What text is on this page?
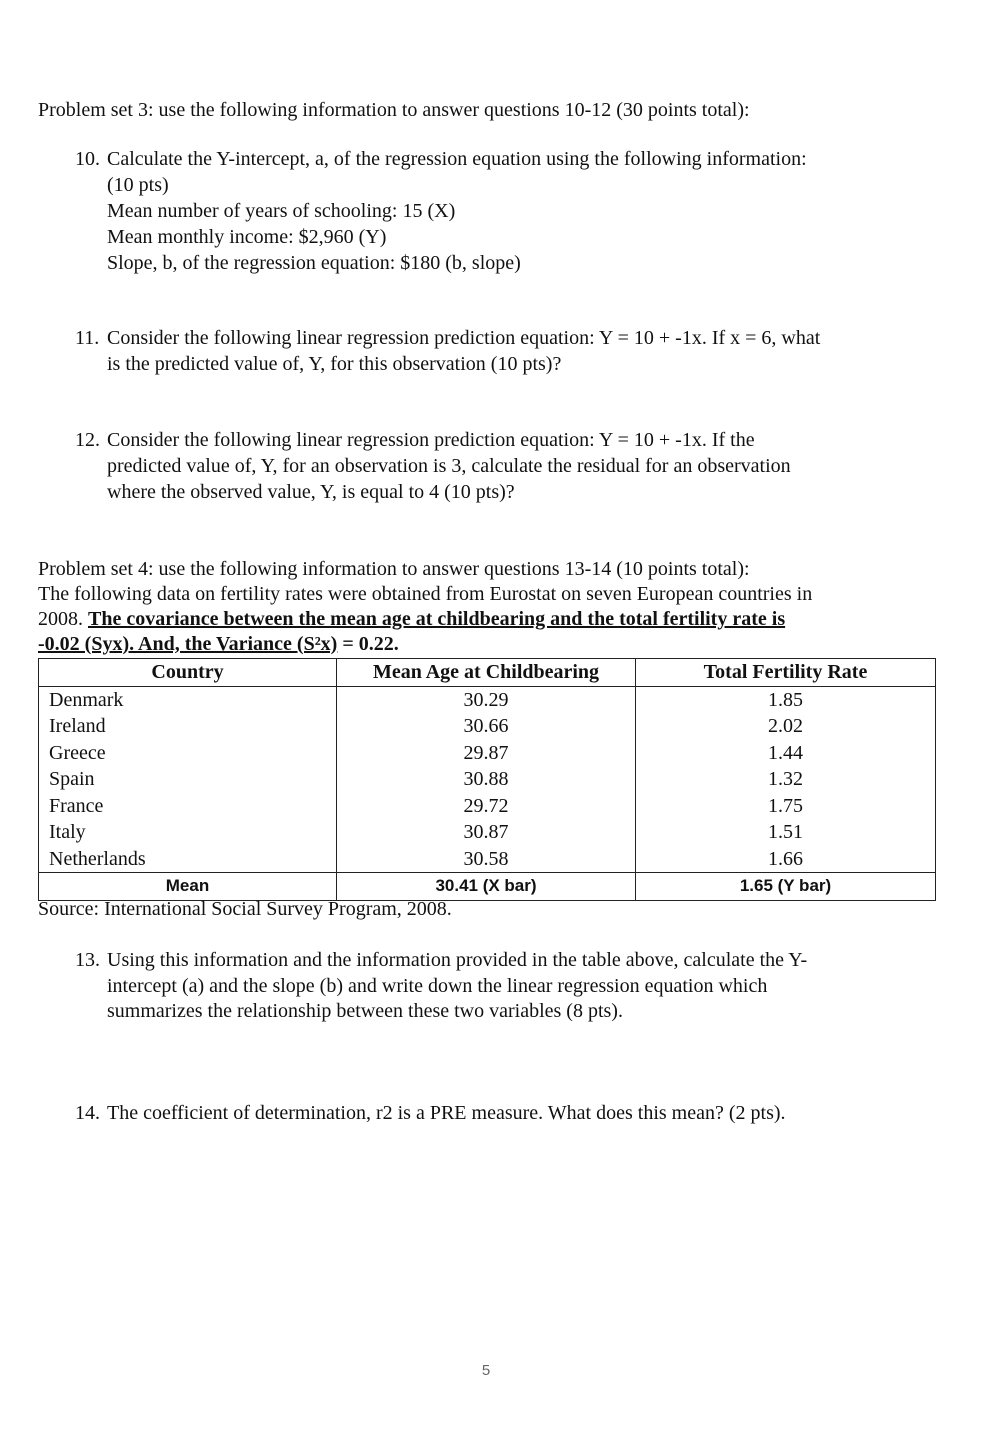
Problem set 3: use the following information to answer questions 10-12 (30 points total):
10. Calculate the Y-intercept, a, of the regression equation using the following information:
(10 pts)
Mean number of years of schooling: 15 (X)
Mean monthly income: $2,960 (Y)
Slope, b, of the regression equation: $180 (b, slope)
11. Consider the following linear regression prediction equation: Y = 10 + -1x. If x = 6, what
is the predicted value of, Y, for this observation (10 pts)?
12. Consider the following linear regression prediction equation: Y = 10 + -1x. If the
predicted value of, Y, for an observation is 3, calculate the residual for an observation
where the observed value, Y, is equal to 4 (10 pts)?
Problem set 4: use the following information to answer questions 13-14 (10 points total):
The following data on fertility rates were obtained from Eurostat on seven European countries in
2008. The covariance between the mean age at childbearing and the total fertility rate is
-0.02 (Syx). And, the Variance (S²x) = 0.22.
Country	Mean Age at Childbearing	Total Fertility Rate
Denmark	30.29	1.85
Ireland	30.66	2.02
Greece	29.87	1.44
Spain	30.88	1.32
France	29.72	1.75
Italy	30.87	1.51
Netherlands	30.58	1.66
Mean	30.41 (X bar)	1.65 (Y bar)
Source: International Social Survey Program, 2008.
13. Using this information and the information provided in the table above, calculate the Y-
intercept (a) and the slope (b) and write down the linear regression equation which
summarizes the relationship between these two variables (8 pts).
14. The coefficient of determination, r2 is a PRE measure. What does this mean? (2 pts).
5
